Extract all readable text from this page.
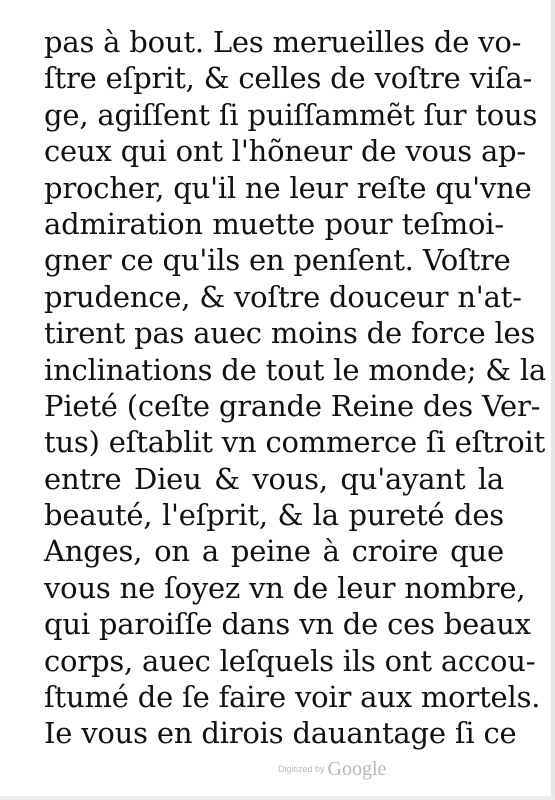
pas à bout. Les merueilles de vo-
ſtre eſprit, & celles de voſtre viſa-
ge, agiſſent ſi puiſſammẽt ſur tous
ceux qui ont l'hõneur de vous ap-
procher, qu'il ne leur reſte qu'vne
admiration muette pour teſmoi-
gner ce qu'ils en penſent. Voſtre
prudence, & voſtre douceur n'at-
tirent pas auec moins de force les
inclinations de tout le monde; & la
Pieté (ceſte grande Reine des Ver-
tus) eſtablit vn commerce ſi eſtroit
entre Dieu & vous, qu'ayant la
beauté, l'eſprit, & la pureté des
Anges, on a peine à croire que
vous ne ſoyez vn de leur nombre,
qui paroiſſe dans vn de ces beaux
corps, auec leſquels ils ont accou-
ſtumé de ſe faire voir aux mortels.
Ie vous en dirois dauantage ſi ce
Digitized by Google
